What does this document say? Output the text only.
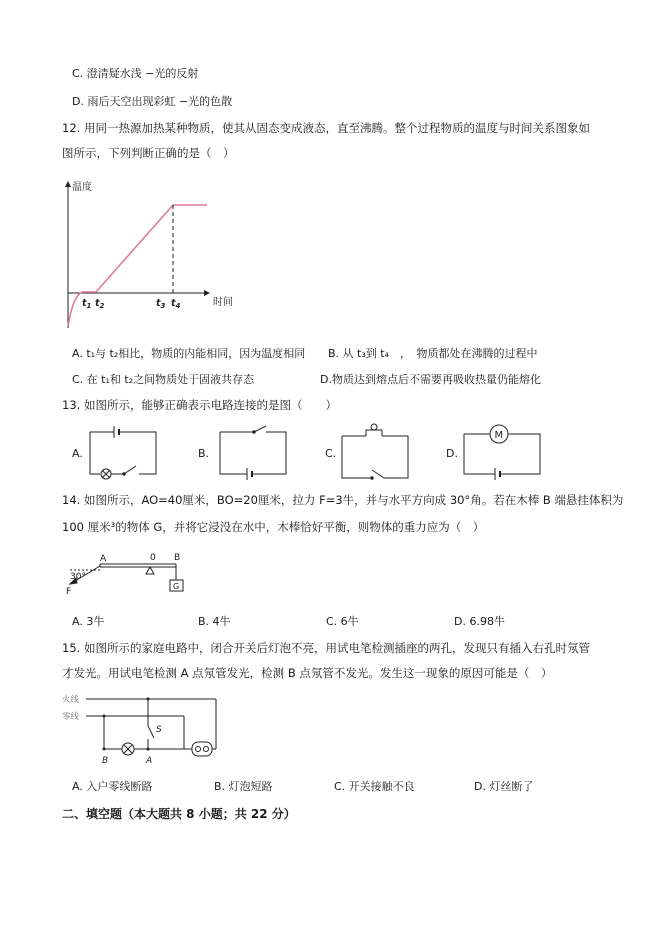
C. 澄清疑水浅 −光的反射
D. 雨后天空出现彩虹 −光的色散
12. 用同一热源加热某种物质，使其从固态变成液态，直至沸腾。整个过程物质的温度与时间关系图象如
图所示，下列判断正确的是（　）
温度
时间
$t_1$ $t_2$	$t_3$ $t_4$
A. t₁与 t₂相比，物质的内能相同，因为温度相同 B. 从 t₃到 t₄　，　物质都处在沸腾的过程中
C. 在 t₁和 t₂之间物质处于固液共存态	D.物质达到熔点后不需要再吸收热量仍能熔化
13. 如图所示，能够正确表示电路连接的是图（　　）
A.	B.	C.	D.
M
14. 如图所示，AO=40厘米，BO=20厘米，拉力 F=3牛，并与水平方向成 30°角。若在木棒 B 端悬挂体积为
100 厘米³的物体 G，并将它浸没在水中，木棒恰好平衡，则物体的重力应为（　）
A	0 B
30°
F
G
A. 3牛	B. 4牛	C. 6牛	D. 6.98牛
15. 如图所示的家庭电路中，闭合开关后灯泡不亮，用试电笔检测插座的两孔，发现只有插入右孔时氖管
才发光。用试电笔检测 A 点氖管发光，检测 B 点氖管不发光。发生这一现象的原因可能是（　）
火线
零线
S
B	A
A. 入户零线断路	B. 灯泡短路	C. 开关接触不良	D. 灯丝断了
二、填空题（本大题共 8 小题；共 22 分）
